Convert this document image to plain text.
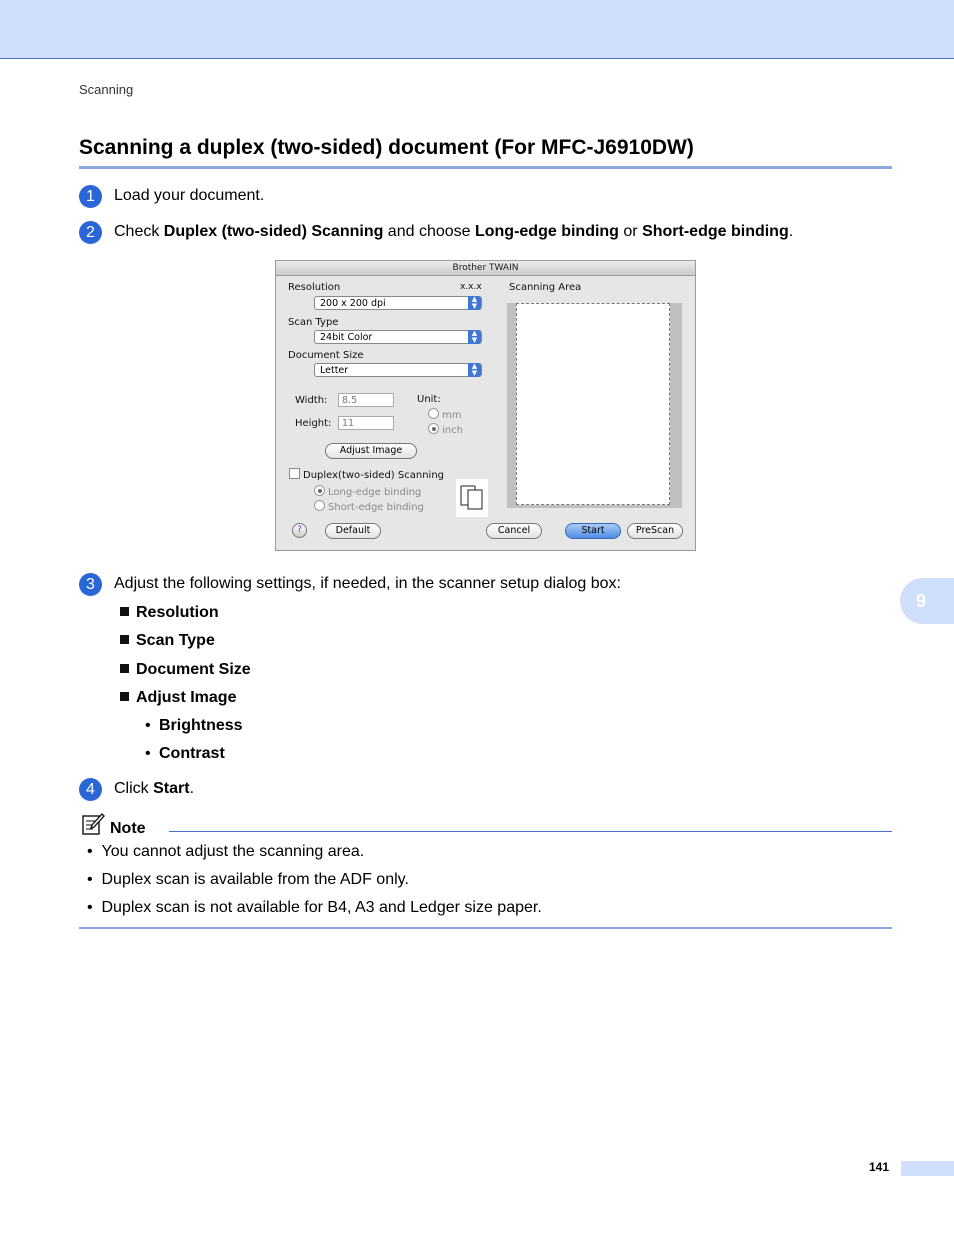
Scanning
Scanning a duplex (two-sided) document (For MFC-J6910DW)
1	Load your document.
2	Check Duplex (two-sided) Scanning and choose Long-edge binding or Short-edge binding.
Brother TWAIN
Resolution	x.x.x
200 x 200 dpi	▲
▼
Scan Type
24bit Color	▲
▼
Document Size
Letter	▲
▼
Width:	8.5
Height:	11
Unit:
mm
inch
Adjust Image
Duplex(two-sided) Scanning
Long-edge binding
Short-edge binding
Scanning Area
?	Default	Cancel	Start	PreScan
3	Adjust the following settings, if needed, in the scanner setup dialog box:
Resolution
Scan Type
Document Size
Adjust Image
• Brightness
• Contrast
9
4	Click Start.
Note
•  You cannot adjust the scanning area.
•  Duplex scan is available from the ADF only.
•  Duplex scan is not available for B4, A3 and Ledger size paper.
141
